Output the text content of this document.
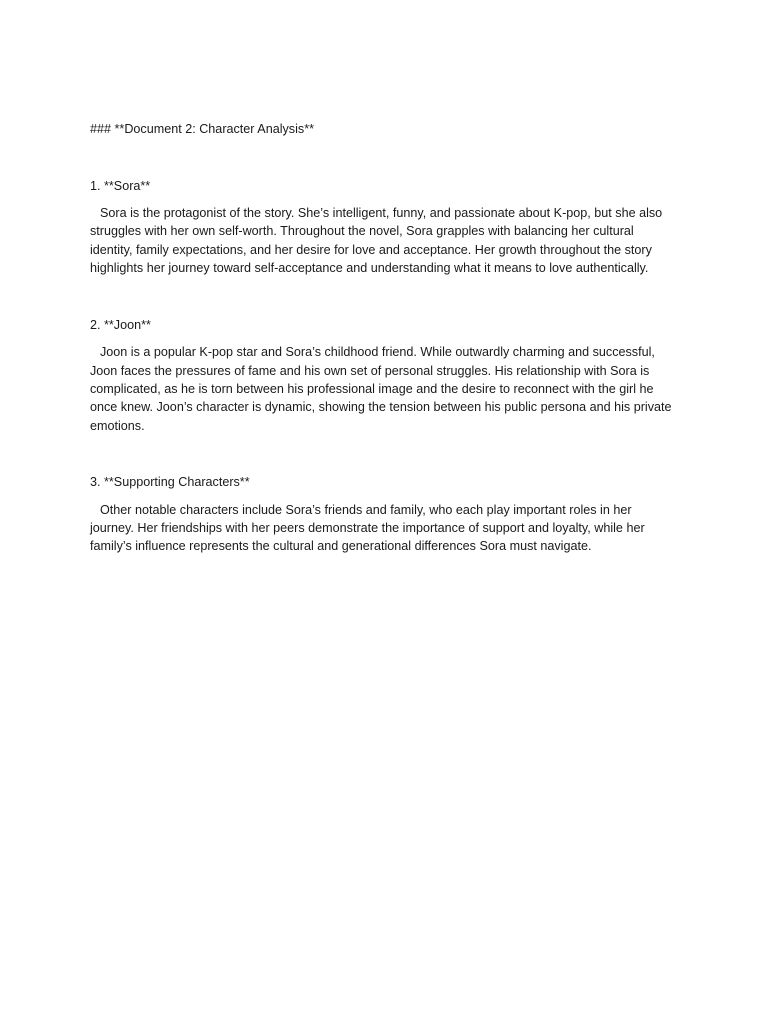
### **Document 2: Character Analysis**

1. **Sora**

Sora is the protagonist of the story. She’s intelligent, funny, and passionate about K-pop, but she also
struggles with her own self-worth. Throughout the novel, Sora grapples with balancing her cultural
identity, family expectations, and her desire for love and acceptance. Her growth throughout the story
highlights her journey toward self-acceptance and understanding what it means to love authentically.

2. **Joon**

Joon is a popular K-pop star and Sora’s childhood friend. While outwardly charming and successful,
Joon faces the pressures of fame and his own set of personal struggles. His relationship with Sora is
complicated, as he is torn between his professional image and the desire to reconnect with the girl he
once knew. Joon’s character is dynamic, showing the tension between his public persona and his private
emotions.

3. **Supporting Characters**

Other notable characters include Sora’s friends and family, who each play important roles in her
journey. Her friendships with her peers demonstrate the importance of support and loyalty, while her
family’s influence represents the cultural and generational differences Sora must navigate.
